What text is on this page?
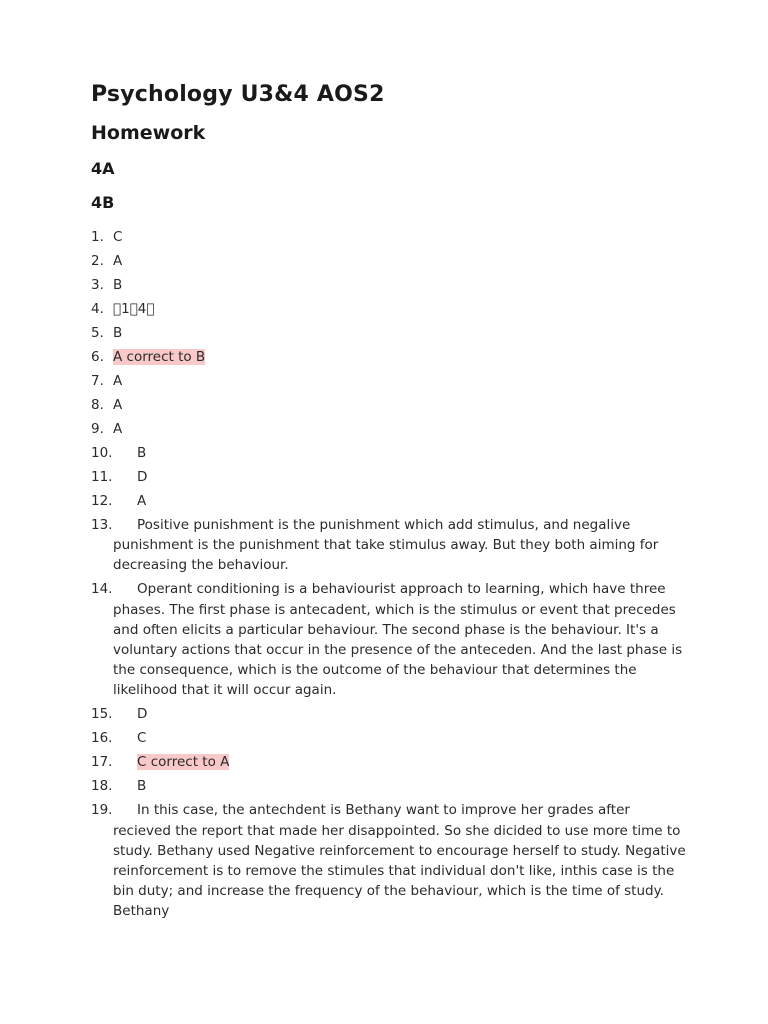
Psychology U3&4 AOS2
Homework
4A
4B
1. C
2. A
3. B
4.  1 4 
5. B
6. A correct to B
7. A
8. A
9. A
10. B
11. D
12. A
13. Positive punishment is the punishment which add stimulus, and negalive punishment is the punishment that take stimulus away. But they both aiming for decreasing the behaviour.
14. Operant conditioning is a behaviourist approach to learning, which have three phases. The first phase is antecadent, which is the stimulus or event that precedes and often elicits a particular behaviour. The second phase is the behaviour. It's a voluntary actions that occur in the presence of the anteceden. And the last phase is the consequence, which is the outcome of the behaviour that determines the likelihood that it will occur again.
15. D
16. C
17. C correct to A
18. B
19. In this case, the antechdent is Bethany want to improve her grades after recieved the report that made her disappointed. So she dicided to use more time to study. Bethany used Negative reinforcement to encourage herself to study. Negative reinforcement is to remove the stimules that individual don't like, inthis case is the bin duty; and increase the frequency of the behaviour, which is the time of study. Bethany
